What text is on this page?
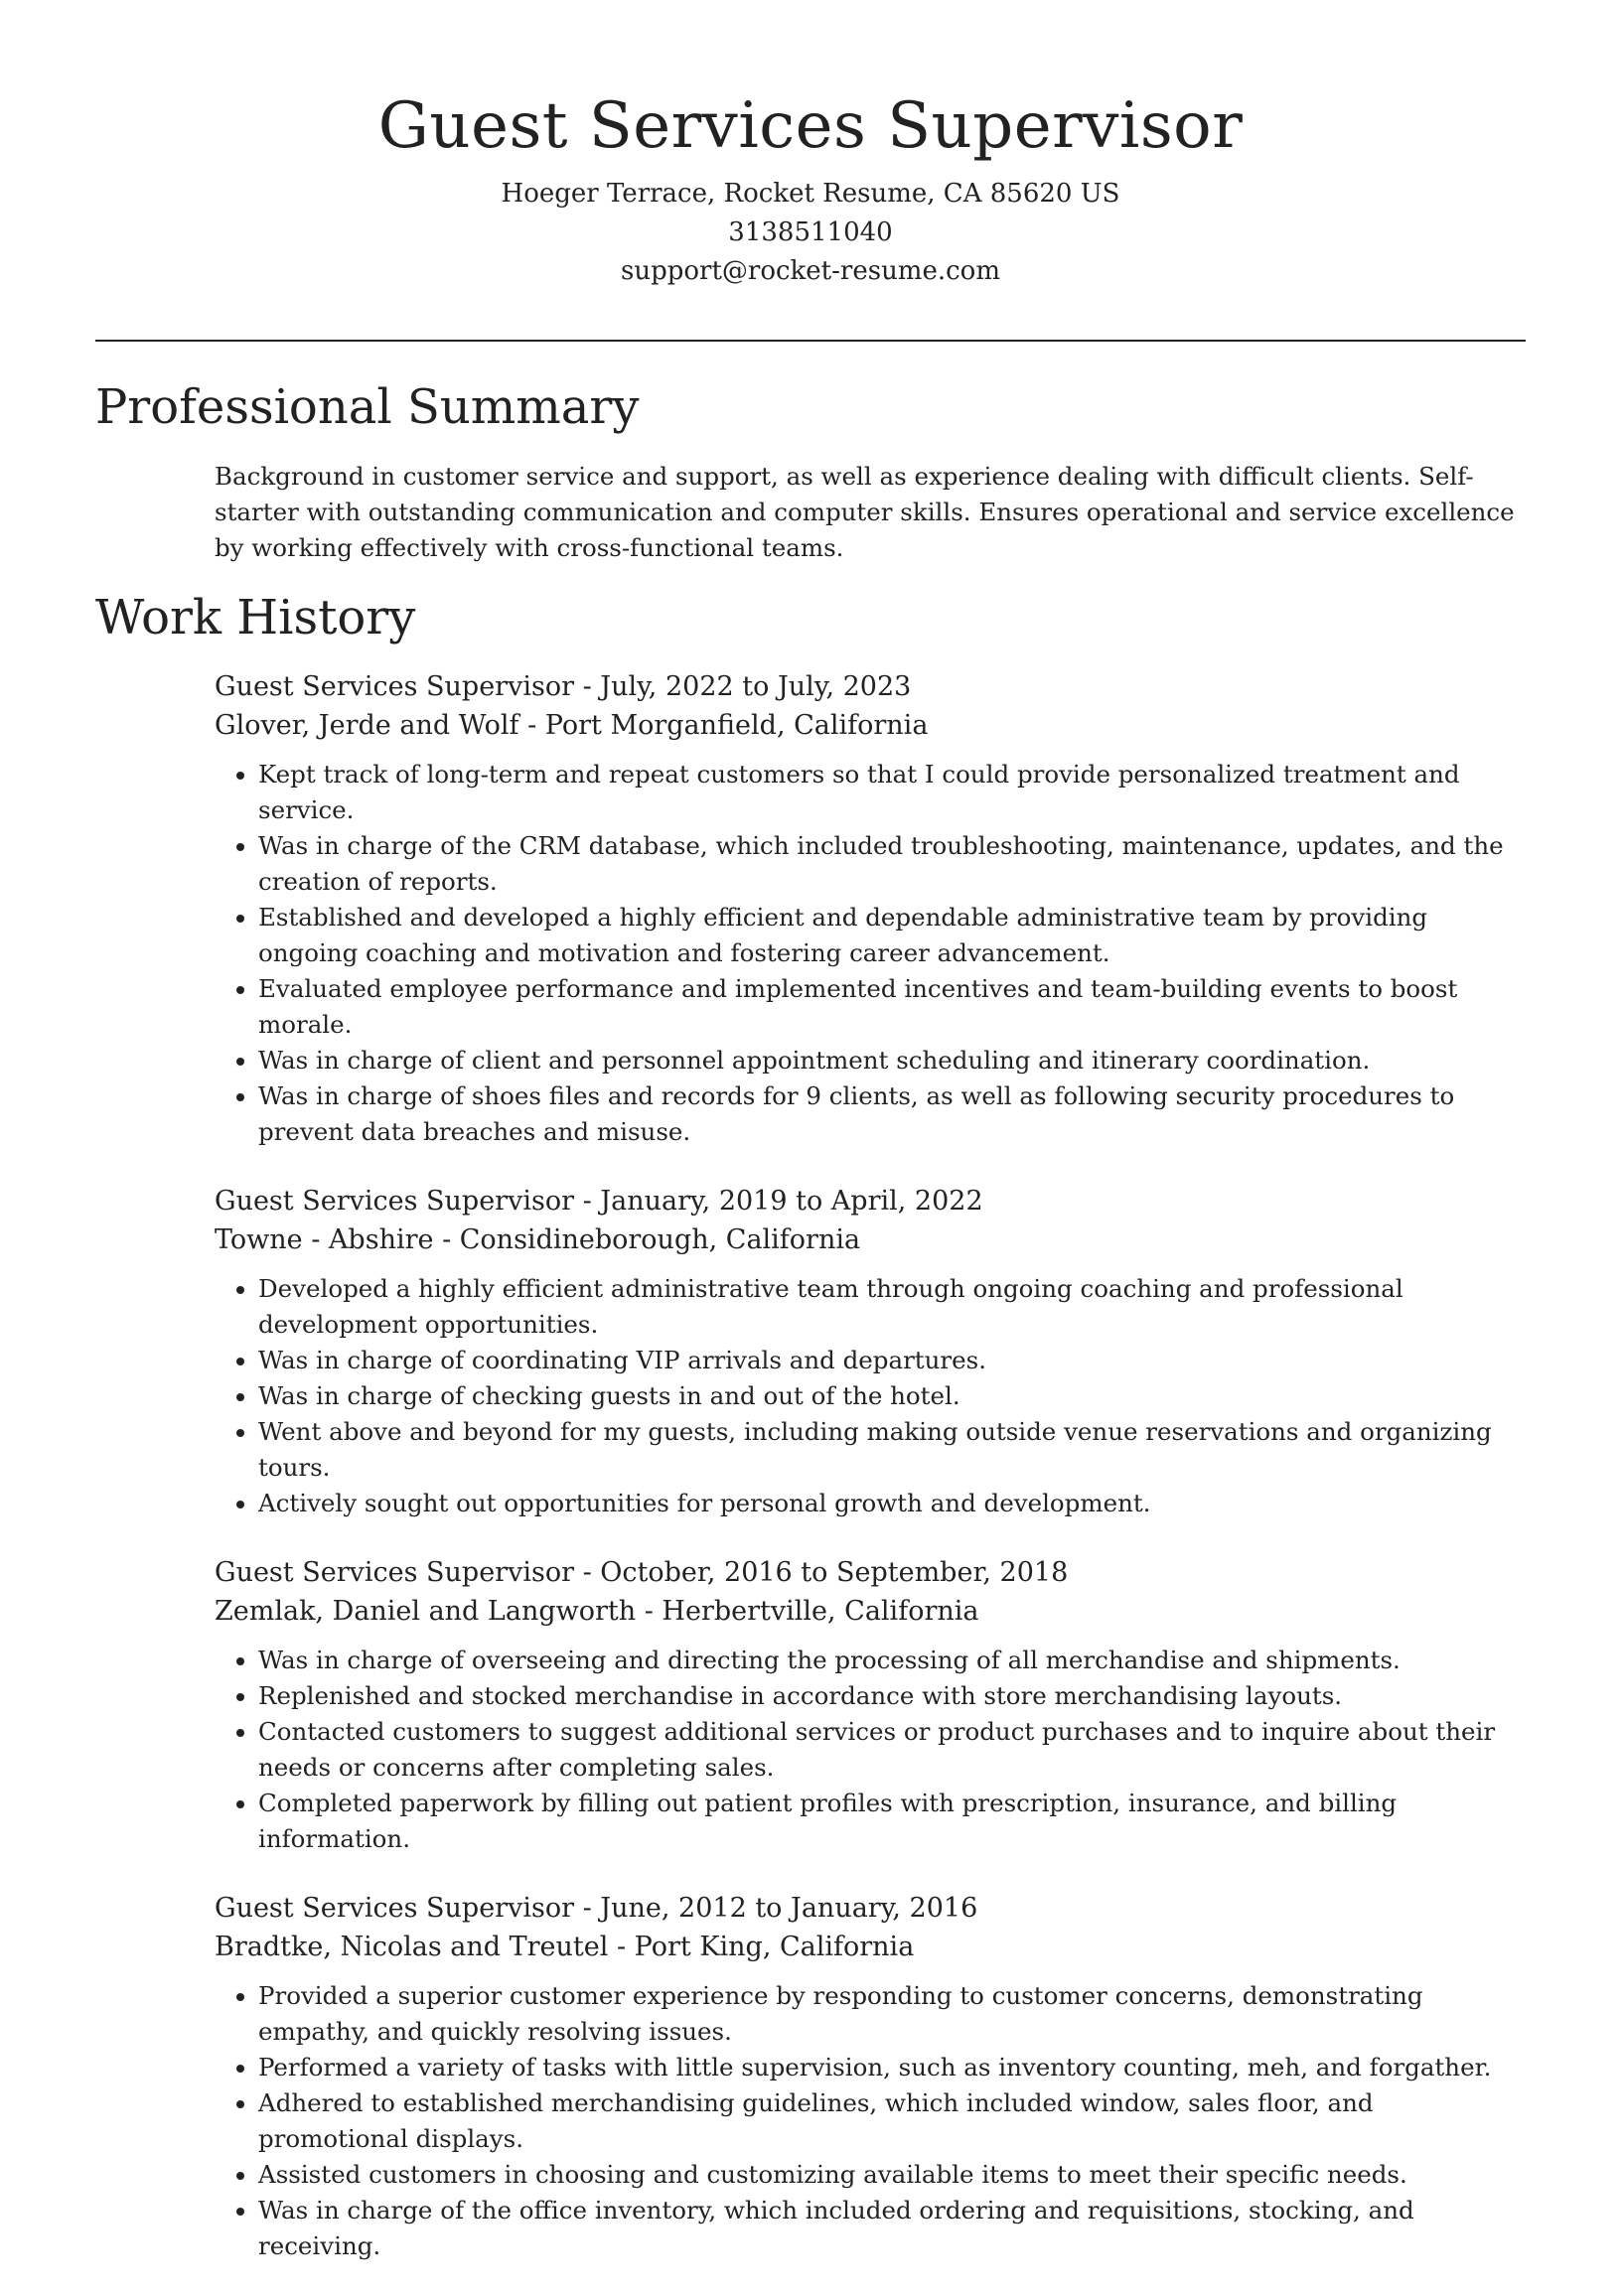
Guest Services Supervisor
Hoeger Terrace, Rocket Resume, CA 85620 US
3138511040
support@rocket-resume.com
Professional Summary
Background in customer service and support, as well as experience dealing with difficult clients. Self-starter with outstanding communication and computer skills. Ensures operational and service excellence by working effectively with cross-functional teams.
Work History
Guest Services Supervisor - July, 2022 to July, 2023
Glover, Jerde and Wolf - Port Morganfield, California
• Kept track of long-term and repeat customers so that I could provide personalized treatment and service.
• Was in charge of the CRM database, which included troubleshooting, maintenance, updates, and the creation of reports.
• Established and developed a highly efficient and dependable administrative team by providing ongoing coaching and motivation and fostering career advancement.
• Evaluated employee performance and implemented incentives and team-building events to boost morale.
• Was in charge of client and personnel appointment scheduling and itinerary coordination.
• Was in charge of shoes files and records for 9 clients, as well as following security procedures to prevent data breaches and misuse.
Guest Services Supervisor - January, 2019 to April, 2022
Towne - Abshire - Considineborough, California
• Developed a highly efficient administrative team through ongoing coaching and professional development opportunities.
• Was in charge of coordinating VIP arrivals and departures.
• Was in charge of checking guests in and out of the hotel.
• Went above and beyond for my guests, including making outside venue reservations and organizing tours.
• Actively sought out opportunities for personal growth and development.
Guest Services Supervisor - October, 2016 to September, 2018
Zemlak, Daniel and Langworth - Herbertville, California
• Was in charge of overseeing and directing the processing of all merchandise and shipments.
• Replenished and stocked merchandise in accordance with store merchandising layouts.
• Contacted customers to suggest additional services or product purchases and to inquire about their needs or concerns after completing sales.
• Completed paperwork by filling out patient profiles with prescription, insurance, and billing information.
Guest Services Supervisor - June, 2012 to January, 2016
Bradtke, Nicolas and Treutel - Port King, California
• Provided a superior customer experience by responding to customer concerns, demonstrating empathy, and quickly resolving issues.
• Performed a variety of tasks with little supervision, such as inventory counting, meh, and forgather.
• Adhered to established merchandising guidelines, which included window, sales floor, and promotional displays.
• Assisted customers in choosing and customizing available items to meet their specific needs.
• Was in charge of the office inventory, which included ordering and requisitions, stocking, and receiving.
